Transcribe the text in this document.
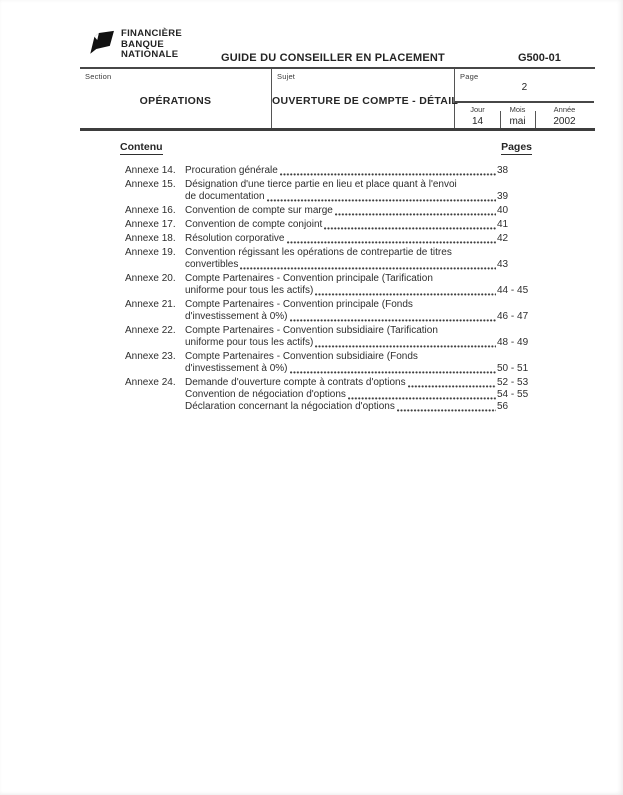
FINANCIÈRE
BANQUE
NATIONALE	GUIDE DU CONSEILLER EN PLACEMENT	G500-01
Section
OPÉRATIONS
Sujet
OUVERTURE DE COMPTE - DÉTAIL
Page
2
Jour
14
Mois
mai
Année
2002
Contenu	Pages
Annexe 14. Procuration générale	38
Annexe 15. Désignation d'une tierce partie en lieu et place quant à l'envoi
de documentation	39
Annexe 16. Convention de compte sur marge	40
Annexe 17. Convention de compte conjoint	41
Annexe 18. Résolution corporative	42
Annexe 19. Convention régissant les opérations de contrepartie de titres
convertibles	43
Annexe 20. Compte Partenaires - Convention principale (Tarification
uniforme pour tous les actifs)	44 - 45
Annexe 21. Compte Partenaires - Convention principale (Fonds
d'investissement à 0%)	46 - 47
Annexe 22. Compte Partenaires - Convention subsidiaire (Tarification
uniforme pour tous les actifs)	48 - 49
Annexe 23. Compte Partenaires - Convention subsidiaire (Fonds
d'investissement à 0%)	50 - 51
Annexe 24. Demande d'ouverture compte à contrats d'options	52 - 53
Convention de négociation d'options	54 - 55
Déclaration concernant la négociation d'options	56
